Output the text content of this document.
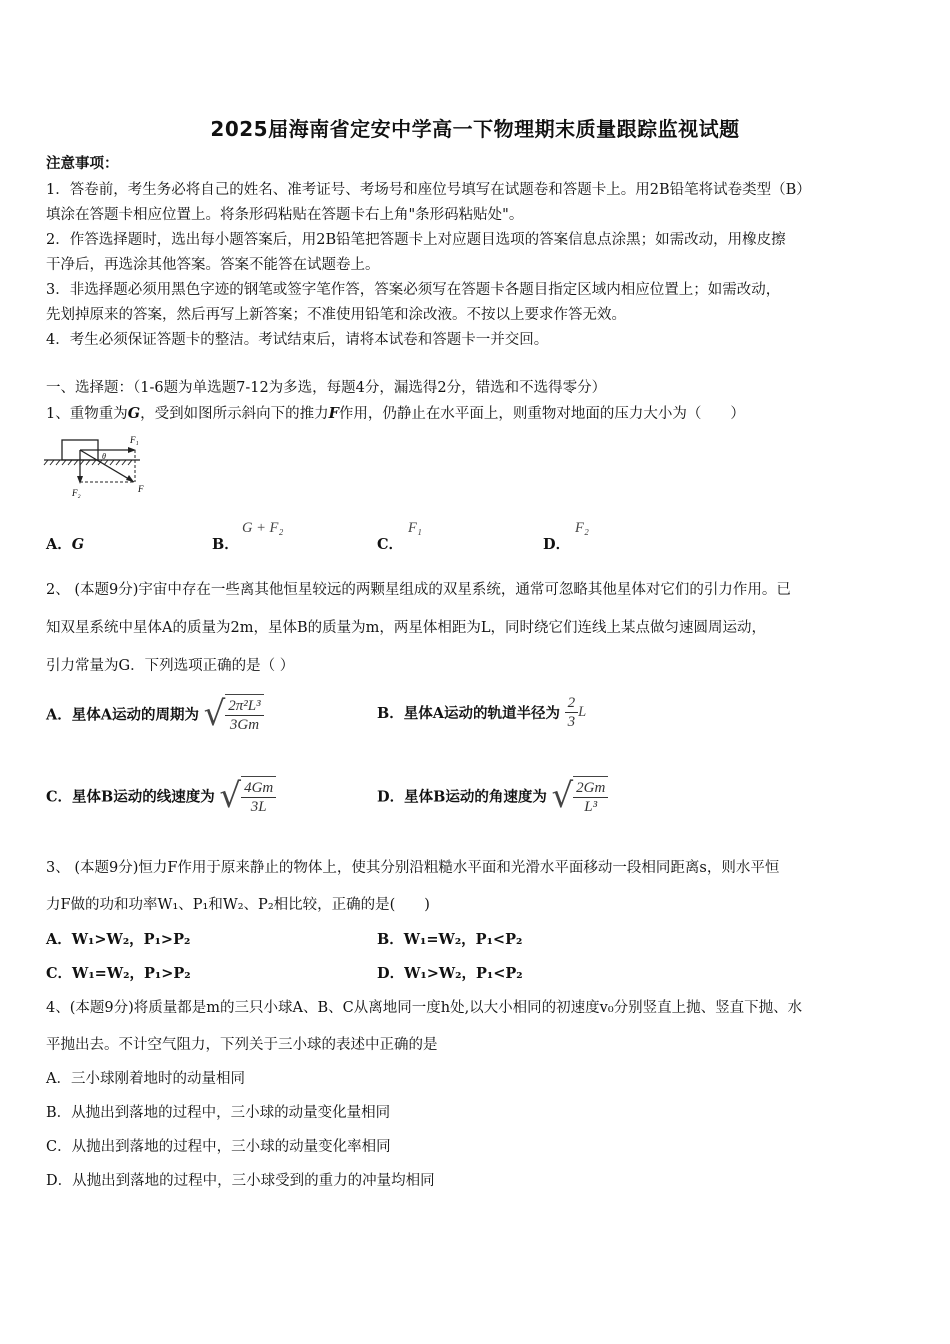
2025届海南省定安中学高一下物理期末质量跟踪监视试题
注意事项：
1．答卷前，考生务必将自己的姓名、准考证号、考场号和座位号填写在试题卷和答题卡上。用2B铅笔将试卷类型（B）
填涂在答题卡相应位置上。将条形码粘贴在答题卡右上角"条形码粘贴处"。
2．作答选择题时，选出每小题答案后，用2B铅笔把答题卡上对应题目选项的答案信息点涂黑；如需改动，用橡皮擦
干净后，再选涂其他答案。答案不能答在试题卷上。
3．非选择题必须用黑色字迹的钢笔或签字笔作答，答案必须写在答题卡各题目指定区域内相应位置上；如需改动，
先划掉原来的答案，然后再写上新答案；不准使用铅笔和涂改液。不按以上要求作答无效。
4．考生必须保证答题卡的整洁。考试结束后，请将本试卷和答题卡一并交回。
一、选择题：（1-6题为单选题7-12为多选，每题4分，漏选得2分，错选和不选得零分）
1、重物重为G，受到如图所示斜向下的推力F作用，仍静止在水平面上，则重物对地面的压力大小为（　　）
F₁
F₂	F
θ
A．G	B．
G + F₂
C．
F₁
D．
F₂
2、 (本题9分)宇宙中存在一些离其他恒星较远的两颗星组成的双星系统，通常可忽略其他星体对它们的引力作用。已
知双星系统中星体A的质量为2m，星体B的质量为m，两星体相距为L，同时绕它们连线上某点做匀速圆周运动，
引力常量为G．下列选项正确的是（ ）
A．星体A运动的周期为 √ $\frac{\text{2π²L³}}{3Gm}$	B．星体A运动的轨道半径为 $\frac{2}{3}$ L
C．星体B运动的线速度为 √ $\frac{4Gm}{3L}$	D．星体B运动的角速度为 √ $\frac{2Gm}{\text{L³}}$
3、 (本题9分)恒力F作用于原来静止的物体上，使其分别沿粗糙水平面和光滑水平面移动一段相同距离s，则水平恒
力F做的功和功率W₁、P₁和W₂、P₂相比较，正确的是(　　)
A．W₁>W₂，P₁>P₂	B．W₁=W₂，P₁<P₂
C．W₁=W₂，P₁>P₂	D．W₁>W₂，P₁<P₂
4、(本题9分)将质量都是m的三只小球A、B、C从离地同一度h处,以大小相同的初速度v₀分别竖直上抛、竖直下抛、水
平抛出去。不计空气阻力，下列关于三小球的表述中正确的是
A．三小球刚着地时的动量相同
B．从抛出到落地的过程中，三小球的动量变化量相同
C．从抛出到落地的过程中，三小球的动量变化率相同
D．从抛出到落地的过程中，三小球受到的重力的冲量均相同
